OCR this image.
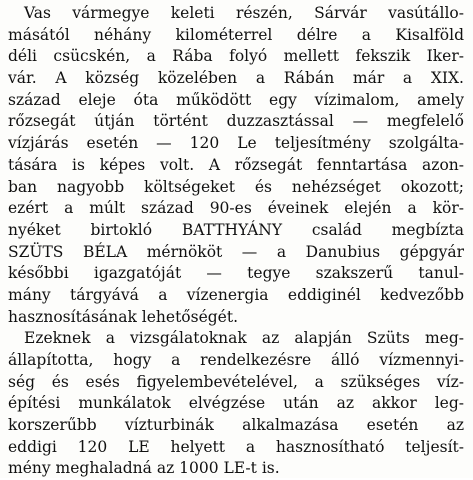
Vas vármegye keleti részén, Sárvár vasútállo-
másától néhány kilométerrel délre a Kisalföld
déli csücskén, a Rába folyó mellett fekszik Iker-
vár. A község közelében a Rábán már a XIX.
század eleje óta működött egy vízimalom, amely
rőzsegát útján történt duzzasztással — megfelelő
vízjárás esetén — 120 Le teljesítmény szolgálta-
tására is képes volt. A rőzsegát fenntartása azon-
ban nagyobb költségeket és nehézséget okozott;
ezért a múlt század 90-es éveinek elején a kör-
nyéket birtokló BATTHYÁNY család megbízta
SZÜTS BÉLA mérnököt — a Danubius gépgyár
későbbi igazgatóját — tegye szakszerű tanul-
mány tárgyává a vízenergia eddiginél kedvezőbb
hasznosításának lehetőségét.
Ezeknek a vizsgálatoknak az alapján Szüts meg-
állapította, hogy a rendelkezésre álló vízmennyi-
ség és esés figyelembevételével, a szükséges víz-
építési munkálatok elvégzése után az akkor leg-
korszerűbb vízturbinák alkalmazása esetén az
eddigi 120 LE helyett a hasznosítható teljesít-
mény meghaladná az 1000 LE-t is.
